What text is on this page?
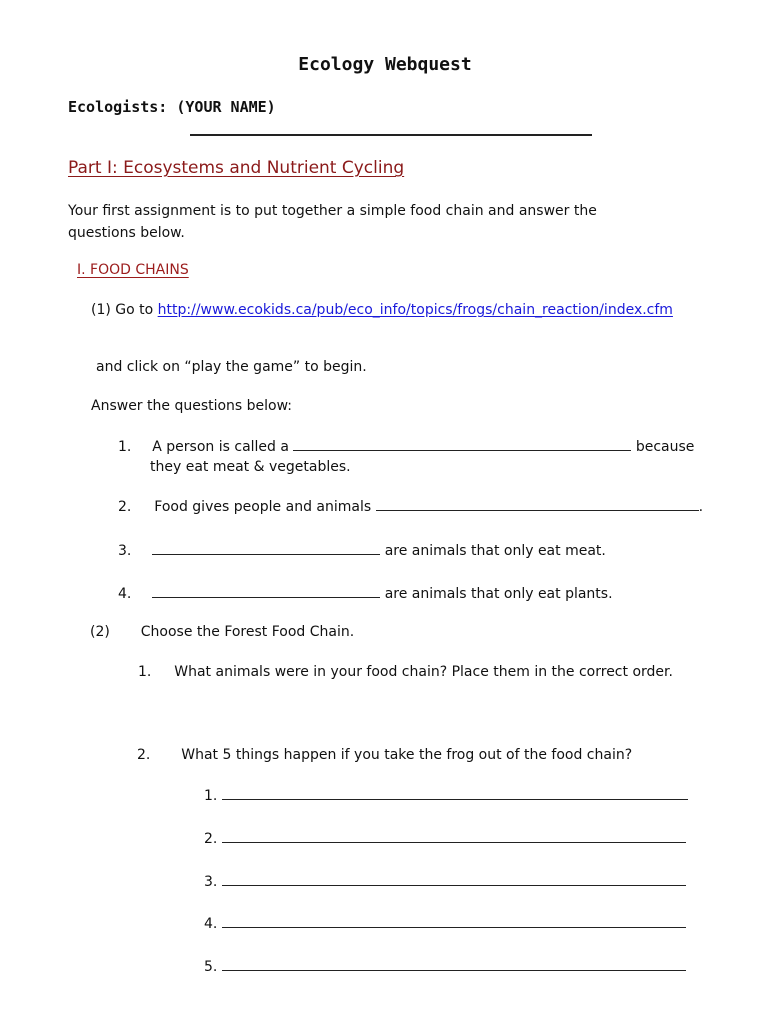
Ecology Webquest
Ecologists: (YOUR NAME)
Part I: Ecosystems and Nutrient Cycling
Your first assignment is to put together a simple food chain and answer the
questions below.
I. FOOD CHAINS
(1) Go to http://www.ecokids.ca/pub/eco_info/topics/frogs/chain_reaction/index.cfm
and click on “play the game” to begin.
Answer the questions below:
1. A person is called a	because
they eat meat & vegetables.
2. Food gives people and animals	.
3.	are animals that only eat meat.
4.	are animals that only eat plants.
(2) Choose the Forest Food Chain.
1. What animals were in your food chain? Place them in the correct order.
2. What 5 things happen if you take the frog out of the food chain?
1.
2.
3.
4.
5.
